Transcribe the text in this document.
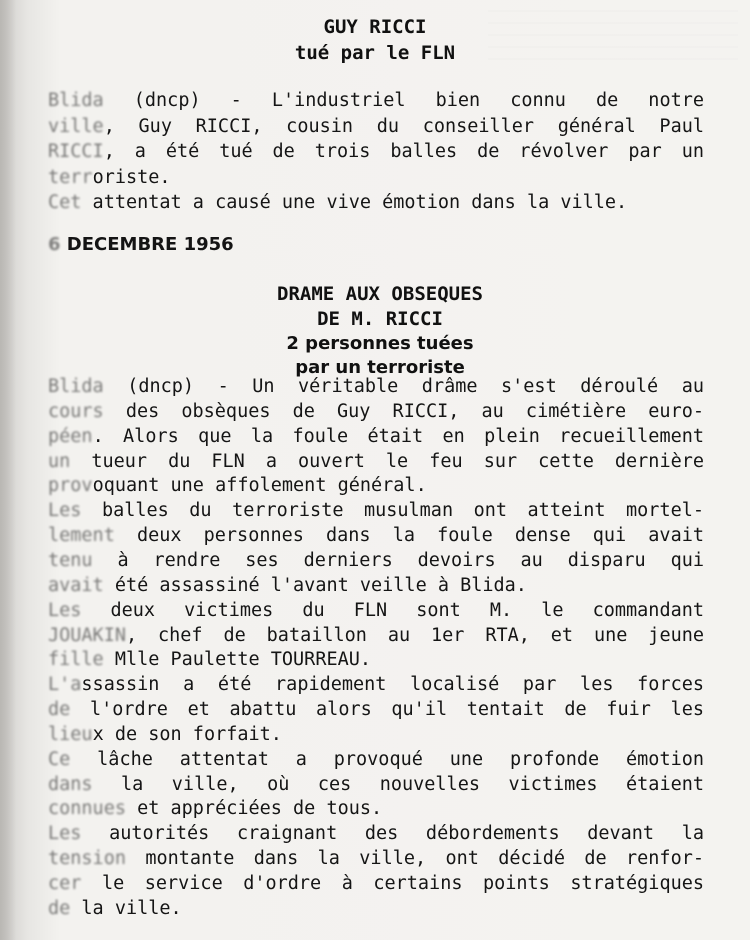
GUY RICCI
tué par le FLN
Blida (dncp) - L'industriel bien connu de notre
ville, Guy RICCI, cousin du conseiller général Paul
RICCI, a été tué de trois balles de révolver par un
terroriste.
Cet attentat a causé une vive émotion dans la ville.
6 DECEMBRE 1956
DRAME AUX OBSEQUES
DE M. RICCI
2 personnes tuées
par un terroriste
Blida (dncp) - Un véritable drâme s'est déroulé au
cours des obsèques de Guy RICCI, au cimétière euro-
péen. Alors que la foule était en plein recueillement
un tueur du FLN a ouvert le feu sur cette dernière
provoquant une affolement général.
Les balles du terroriste musulman ont atteint mortel-
lement deux personnes dans la foule dense qui avait
tenu à rendre ses derniers devoirs au disparu qui
avait été assassiné l'avant veille à Blida.
Les deux victimes du FLN sont M. le commandant
JOUAKIN, chef de bataillon au 1er RTA, et une jeune
fille Mlle Paulette TOURREAU.
L'assassin a été rapidement localisé par les forces
de l'ordre et abattu alors qu'il tentait de fuir les
lieux de son forfait.
Ce lâche attentat a provoqué une profonde émotion
dans la ville, où ces nouvelles victimes étaient
connues et appréciées de tous.
Les autorités craignant des débordements devant la
tension montante dans la ville, ont décidé de renfor-
cer le service d'ordre à certains points stratégiques
de la ville.
